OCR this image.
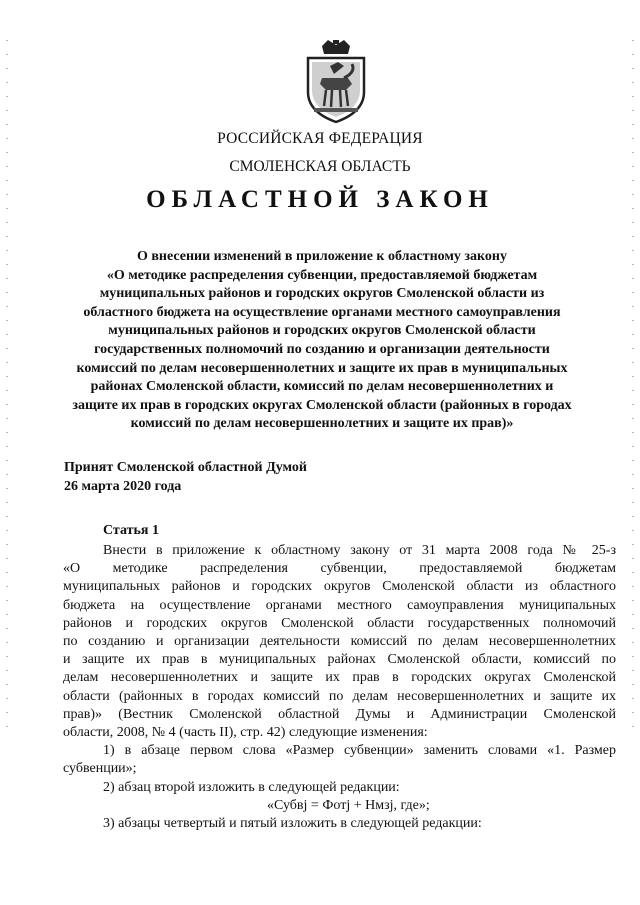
РОССИЙСКАЯ ФЕДЕРАЦИЯ
СМОЛЕНСКАЯ ОБЛАСТЬ
ОБЛАСТНОЙ ЗАКОН
О внесении изменений в приложение к областному закону
«О методике распределения субвенции, предоставляемой бюджетам
муниципальных районов и городских округов Смоленской области из
областного бюджета на осуществление органами местного самоуправления
муниципальных районов и городских округов Смоленской области
государственных полномочий по созданию и организации деятельности
комиссий по делам несовершеннолетних и защите их прав в муниципальных
районах Смоленской области, комиссий по делам несовершеннолетних и
защите их прав в городских округах Смоленской области (районных в городах
комиссий по делам несовершеннолетних и защите их прав)»
Принят Смоленской областной Думой
26 марта 2020 года
Статья 1
Внести в приложение к областному закону от 31 марта 2008 года № 25-з
«О методике распределения субвенции, предоставляемой бюджетам
муниципальных районов и городских округов Смоленской области из областного
бюджета на осуществление органами местного самоуправления муниципальных
районов и городских округов Смоленской области государственных полномочий
по созданию и организации деятельности комиссий по делам несовершеннолетних
и защите их прав в муниципальных районах Смоленской области, комиссий по
делам несовершеннолетних и защите их прав в городских округах Смоленской
области (районных в городах комиссий по делам несовершеннолетних и защите их
прав)» (Вестник Смоленской областной Думы и Администрации Смоленской
области, 2008, № 4 (часть II), стр. 42) следующие изменения:
1) в абзаце первом слова «Размер субвенции» заменить словами «1. Размер
субвенции»;
2) абзац второй изложить в следующей редакции:
«Субвj = Фотj + Нмзj, где»;
3) абзацы четвертый и пятый изложить в следующей редакции:
